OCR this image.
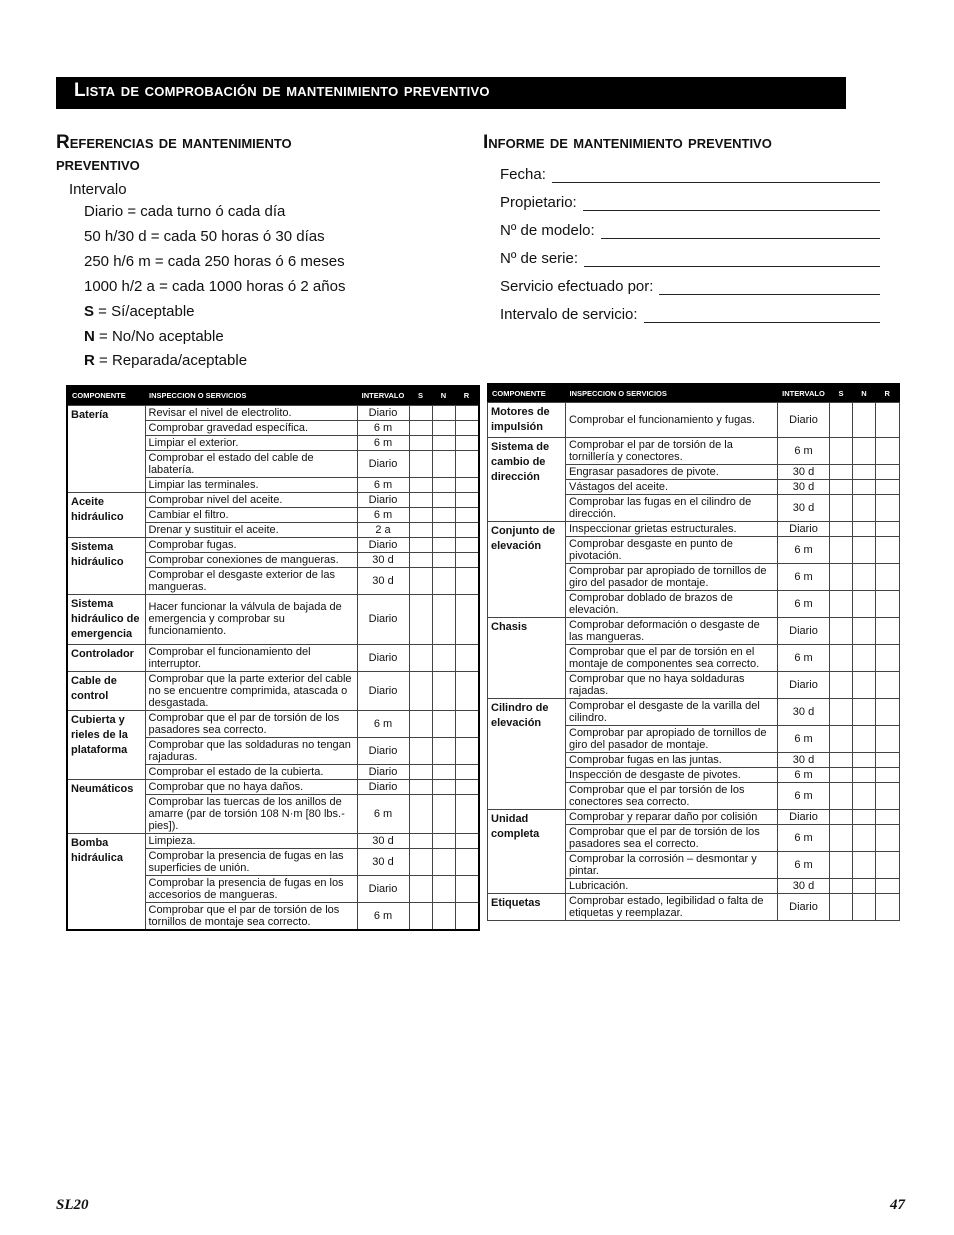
Lista de comprobación de mantenimiento preventivo
Referencias de mantenimiento
preventivo
Informe de mantenimiento preventivo
Intervalo
Diario = cada turno ó cada día
50 h/30 d = cada 50 horas ó 30 días
250 h/6 m = cada 250 horas ó 6 meses
1000 h/2 a = cada 1000 horas ó 2 años
S = Sí/aceptable
N = No/No aceptable
R = Reparada/aceptable
Fecha:
Propietario:
Nº de modelo:
Nº de serie:
Servicio efectuado por:
Intervalo de servicio:
COMPONENTE	INSPECCION O SERVICIOS	INTERVALO	S	N	R
Batería	Revisar el nivel de electrolito.	Diario			
	Comprobar gravedad específica.	6 m			
	Limpiar el exterior.	6 m			
	Comprobar el estado del cable de labatería.	Diario			
	Limpiar las terminales.	6 m			
Aceite hidráulico	Comprobar nivel del aceite.	Diario			
	Cambiar el filtro.	6 m			
	Drenar y sustituir el aceite.	2 a			
Sistema hidráulico	Comprobar fugas.	Diario			
	Comprobar conexiones de mangueras.	30 d			
	Comprobar el desgaste exterior de las mangueras.	30 d			
Sistema hidráulico de emergencia	Hacer funcionar la válvula de bajada de emergencia y comprobar su funcionamiento.	Diario			
Controlador	Comprobar el funcionamiento del interruptor.	Diario			
Cable de control	Comprobar que la parte exterior del cable no se encuentre comprimida, atascada o desgastada.	Diario			
Cubierta y rieles de la plataforma	Comprobar que el par de torsión de los pasadores sea correcto.	6 m			
	Comprobar que las soldaduras no tengan rajaduras.	Diario			
	Comprobar el estado de la cubierta.	Diario			
Neumáticos	Comprobar que no haya daños.	Diario			
	Comprobar las tuercas de los anillos de amarre (par de torsión 108 N·m [80 lbs.-pies]).	6 m			
Bomba hidráulica	Limpieza.	30 d			
	Comprobar la presencia de fugas en las superficies de unión.	30 d			
	Comprobar la presencia de fugas en los accesorios de mangueras.	Diario			
	Comprobar que el par de torsión de los tornillos de montaje sea correcto.	6 m			
COMPONENTE	INSPECCION O SERVICIOS	INTERVALO	S	N	R
Motores de impulsión	Comprobar el funcionamiento y fugas.	Diario			
Sistema de cambio de dirección	Comprobar el par de torsión de la tornillería y conectores.	6 m			
	Engrasar pasadores de pivote.	30 d			
	Vástagos del aceite.	30 d			
	Comprobar las fugas en el cilindro de dirección.	30 d			
Conjunto de elevación	Inspeccionar grietas estructurales.	Diario			
	Comprobar desgaste en punto de pivotación.	6 m			
	Comprobar par apropiado de tornillos de giro del pasador de montaje.	6 m			
	Comprobar doblado de brazos de elevación.	6 m			
Chasis	Comprobar deformación o desgaste de las mangueras.	Diario			
	Comprobar que el par de torsión en el montaje de componentes sea correcto.	6 m			
	Comprobar que no haya soldaduras rajadas.	Diario			
Cilindro de elevación	Comprobar el desgaste de la varilla del cilindro.	30 d			
	Comprobar par apropiado de tornillos de giro del pasador de montaje.	6 m			
	Comprobar fugas en las juntas.	30 d			
	Inspección de desgaste de pivotes.	6 m			
	Comprobar que el par torsión de los conectores sea correcto.	6 m			
Unidad completa	Comprobar y reparar daño por colisión	Diario			
	Comprobar que el par de torsión de los pasadores sea el correcto.	6 m			
	Comprobar la corrosión – desmontar y pintar.	6 m			
	Lubricación.	30 d			
Etiquetas	Comprobar estado, legibilidad o falta de etiquetas y reemplazar.	Diario			
SL20	47
